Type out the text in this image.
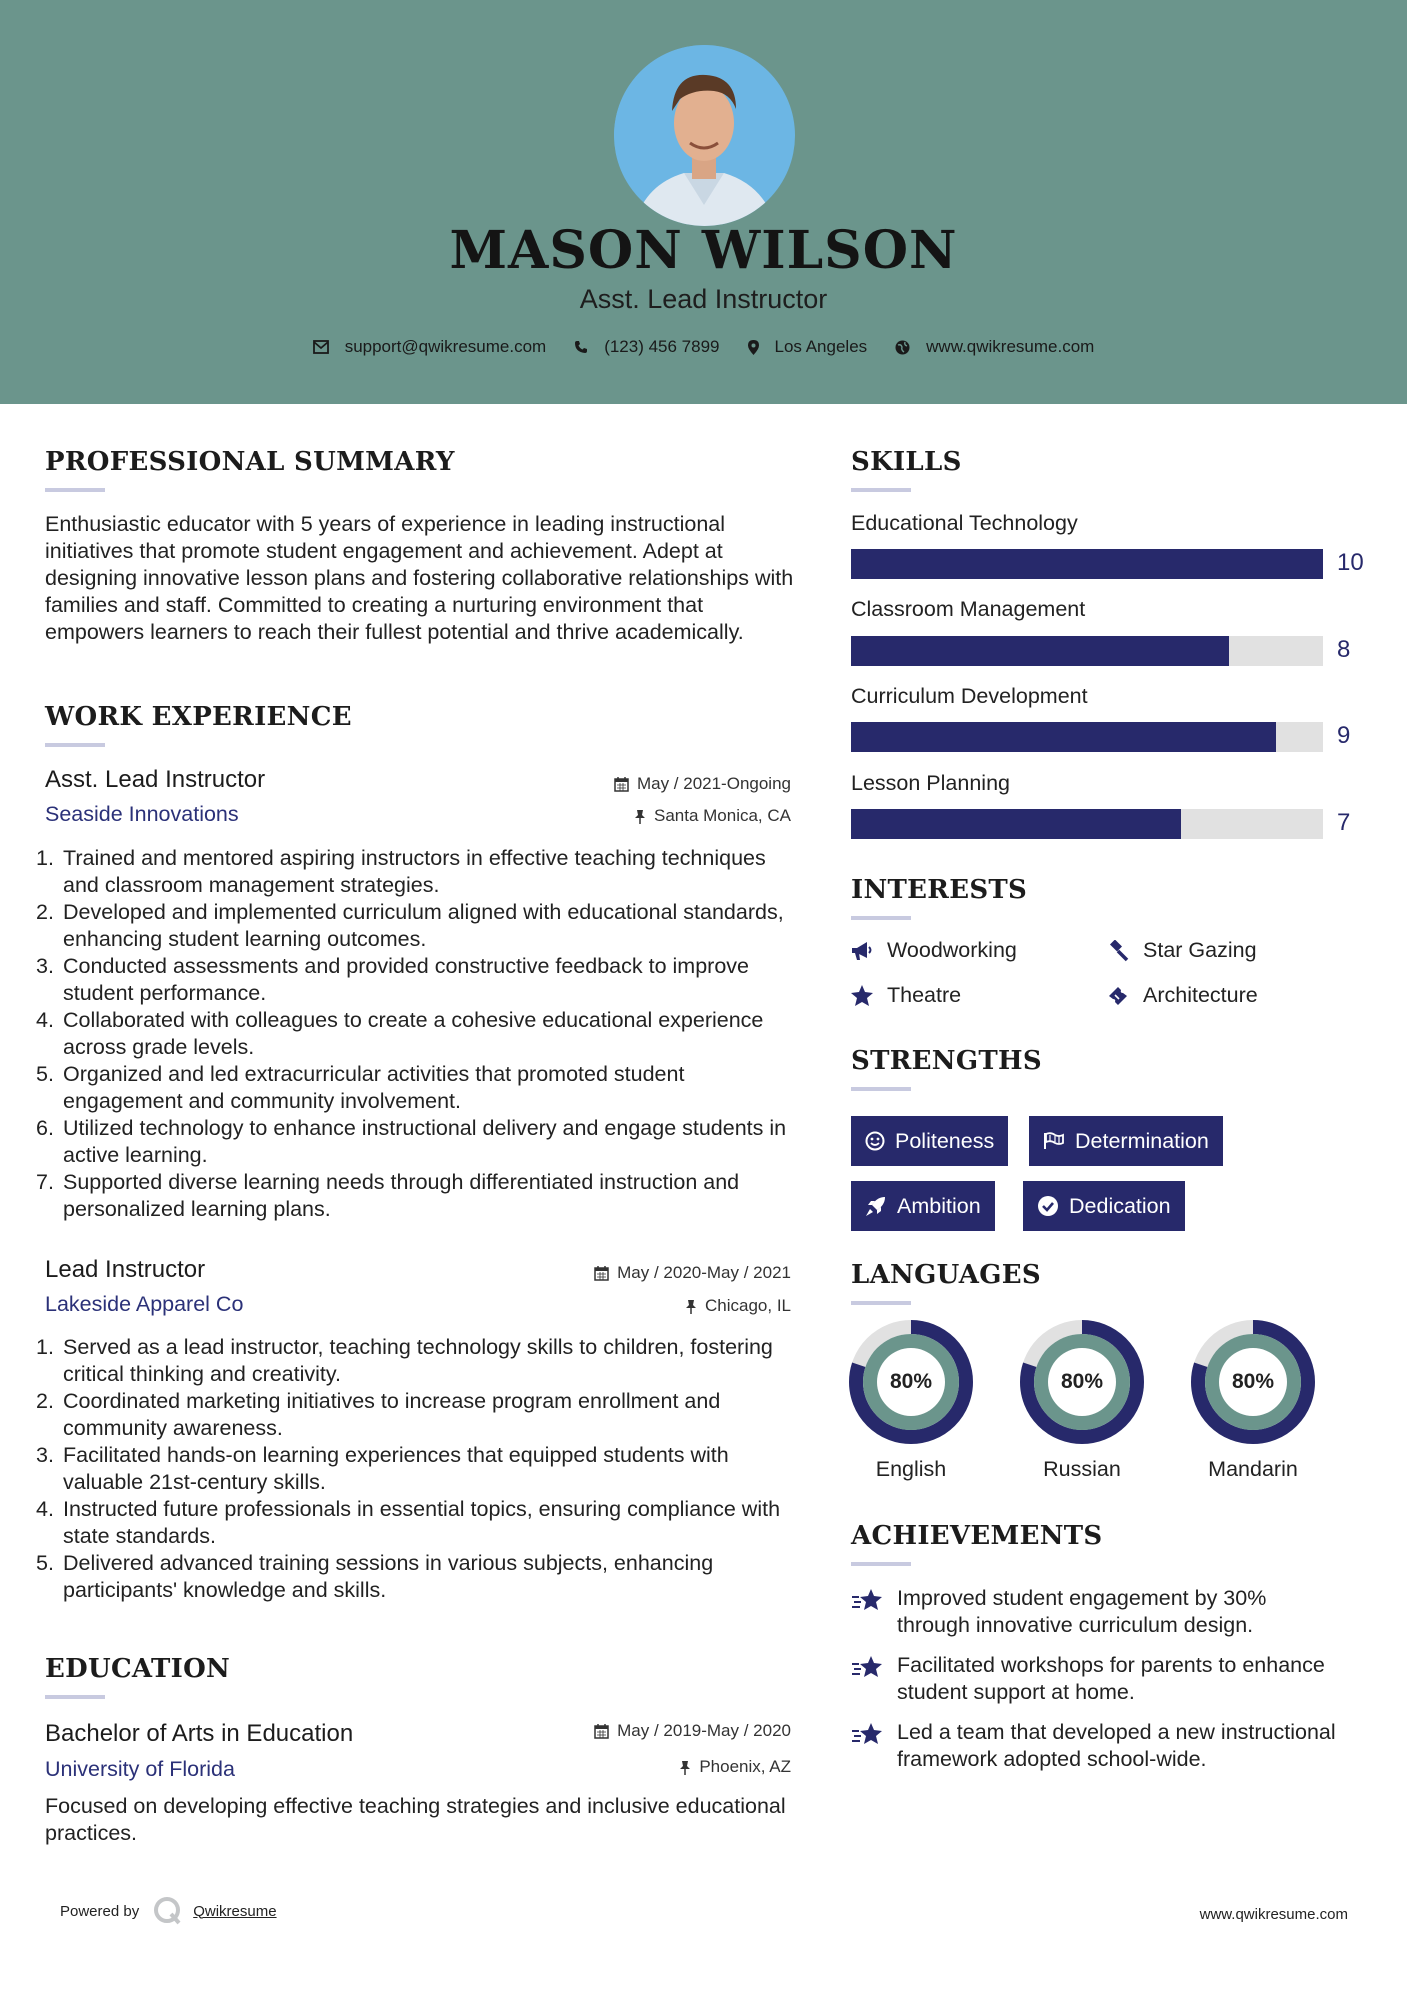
MASON WILSON
Asst. Lead Instructor
support@qwikresume.com	(123) 456 7899	Los Angeles	www.qwikresume.com
PROFESSIONAL SUMMARY
Enthusiastic educator with 5 years of experience in leading instructional initiatives that promote student engagement and achievement. Adept at designing innovative lesson plans and fostering collaborative relationships with families and staff. Committed to creating a nurturing environment that empowers learners to reach their fullest potential and thrive academically.
WORK EXPERIENCE
Asst. Lead Instructor	May / 2021-Ongoing
Seaside Innovations	Santa Monica, CA
1. Trained and mentored aspiring instructors in effective teaching techniques and classroom management strategies.
2. Developed and implemented curriculum aligned with educational standards, enhancing student learning outcomes.
3. Conducted assessments and provided constructive feedback to improve student performance.
4. Collaborated with colleagues to create a cohesive educational experience across grade levels.
5. Organized and led extracurricular activities that promoted student engagement and community involvement.
6. Utilized technology to enhance instructional delivery and engage students in active learning.
7. Supported diverse learning needs through differentiated instruction and personalized learning plans.
Lead Instructor	May / 2020-May / 2021
Lakeside Apparel Co	Chicago, IL
1. Served as a lead instructor, teaching technology skills to children, fostering critical thinking and creativity.
2. Coordinated marketing initiatives to increase program enrollment and community awareness.
3. Facilitated hands-on learning experiences that equipped students with valuable 21st-century skills.
4. Instructed future professionals in essential topics, ensuring compliance with state standards.
5. Delivered advanced training sessions in various subjects, enhancing participants' knowledge and skills.
EDUCATION
Bachelor of Arts in Education	May / 2019-May / 2020
University of Florida	Phoenix, AZ
Focused on developing effective teaching strategies and inclusive educational practices.
SKILLS
Educational Technology
10
Classroom Management
8
Curriculum Development
9
Lesson Planning
7
INTERESTS
Woodworking	Star Gazing
Theatre	Architecture
STRENGTHS
Politeness	Determination
Ambition	Dedication
LANGUAGES
80%
English
80%
Russian
80%
Mandarin
ACHIEVEMENTS
Improved student engagement by 30% through innovative curriculum design.
Facilitated workshops for parents to enhance student support at home.
Led a team that developed a new instructional framework adopted school-wide.
Powered by	Qwikresume	www.qwikresume.com
